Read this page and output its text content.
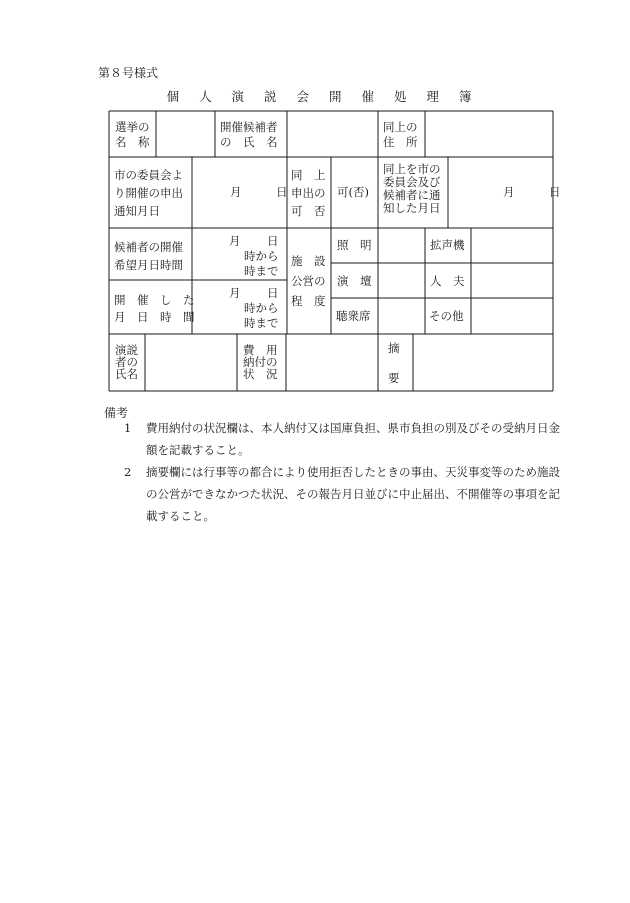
第８号様式
個 人 演 説 会 開 催 処 理 簿
選挙の
名　称
開催候補者
の　氏　名
同上の
住　所
市の委員会よ
り開催の申出
通知月日
月　　　日
同　上
申出の
可　否
可(否)
同上を市の
委員会及び
候補者に通
知した月日
月　　　日
候補者の開催
希望月日時間
月 日
時から
時まで
開　催　し　た
月　日　時　間
月 日
時から
時まで
施　設
公営の
程　度
照　明
演　壇
聴衆席
拡声機
人　夫
その他
演説
者の
氏名
費　用
納付の
状　況
摘
要
備考
1 費用納付の状況欄は、本人納付又は国庫負担、県市負担の別及びその受納月日金額を記載すること。
2 摘要欄には行事等の都合により使用拒否したときの事由、天災事変等のため施設の公営ができなかつた状況、その報告月日並びに中止届出、不開催等の事項を記載すること。
